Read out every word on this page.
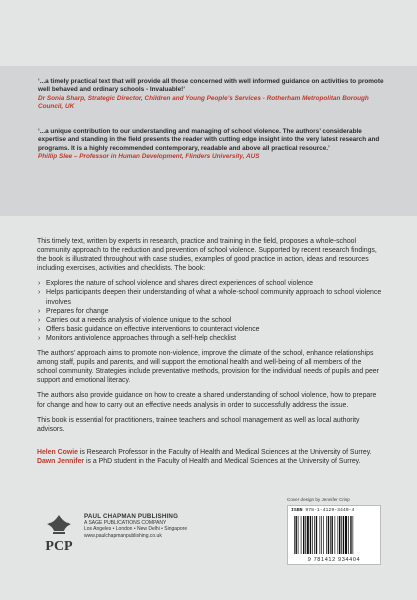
‘...a timely practical text that will provide all those concerned with well informed guidance on activities to promote well behaved and ordinary schools - Invaluable!’
Dr Sonia Sharp, Strategic Director, Children and Young People’s Services - Rotherham Metropolitan Borough Council, UK
‘...a unique contribution to our understanding and managing of school violence. The authors’ considerable expertise and standing in the field presents the reader with cutting edge insight into the very latest research and programs. It is a highly recommended contemporary, readable and above all practical resource.’
Phillip Slee – Professor in Human Development, Flinders University, AUS

This timely text, written by experts in research, practice and training in the field, proposes a whole-school community approach to the reduction and prevention of school violence. Supported by recent research findings, the book is illustrated throughout with case studies, examples of good practice in action, ideas and resources including exercises, activities and checklists. The book:

› Explores the nature of school violence and shares direct experiences of school violence
› Helps participants deepen their understanding of what a whole-school community approach to school violence involves
› Prepares for change
› Carries out a needs analysis of violence unique to the school
› Offers basic guidance on effective interventions to counteract violence
› Monitors antiviolence approaches through a self-help checklist

The authors’ approach aims to promote non-violence, improve the climate of the school, enhance relationships among staff, pupils and parents, and will support the emotional health and well-being of all members of the school community. Strategies include preventative methods, provision for the individual needs of pupils and peer support and emotional literacy.

The authors also provide guidance on how to create a shared understanding of school violence, how to prepare for change and how to carry out an effective needs analysis in order to successfully address the issue.

This book is essential for practitioners, trainee teachers and school management as well as local authority advisors.

Helen Cowie is Research Professor in the Faculty of Health and Medical Sciences at the University of Surrey.

Dawn Jennifer is a PhD student in the Faculty of Health and Medical Sciences at the University of Surrey.

Cover design by Jennifer Crisp
PCP
PAUL CHAPMAN PUBLISHING
A SAGE PUBLICATIONS COMPANY
Los Angeles • London • New Delhi • Singapore
www.paulchapmanpublishing.co.uk
ISBN 978-1-4129-3440-4
9 781412 934404
